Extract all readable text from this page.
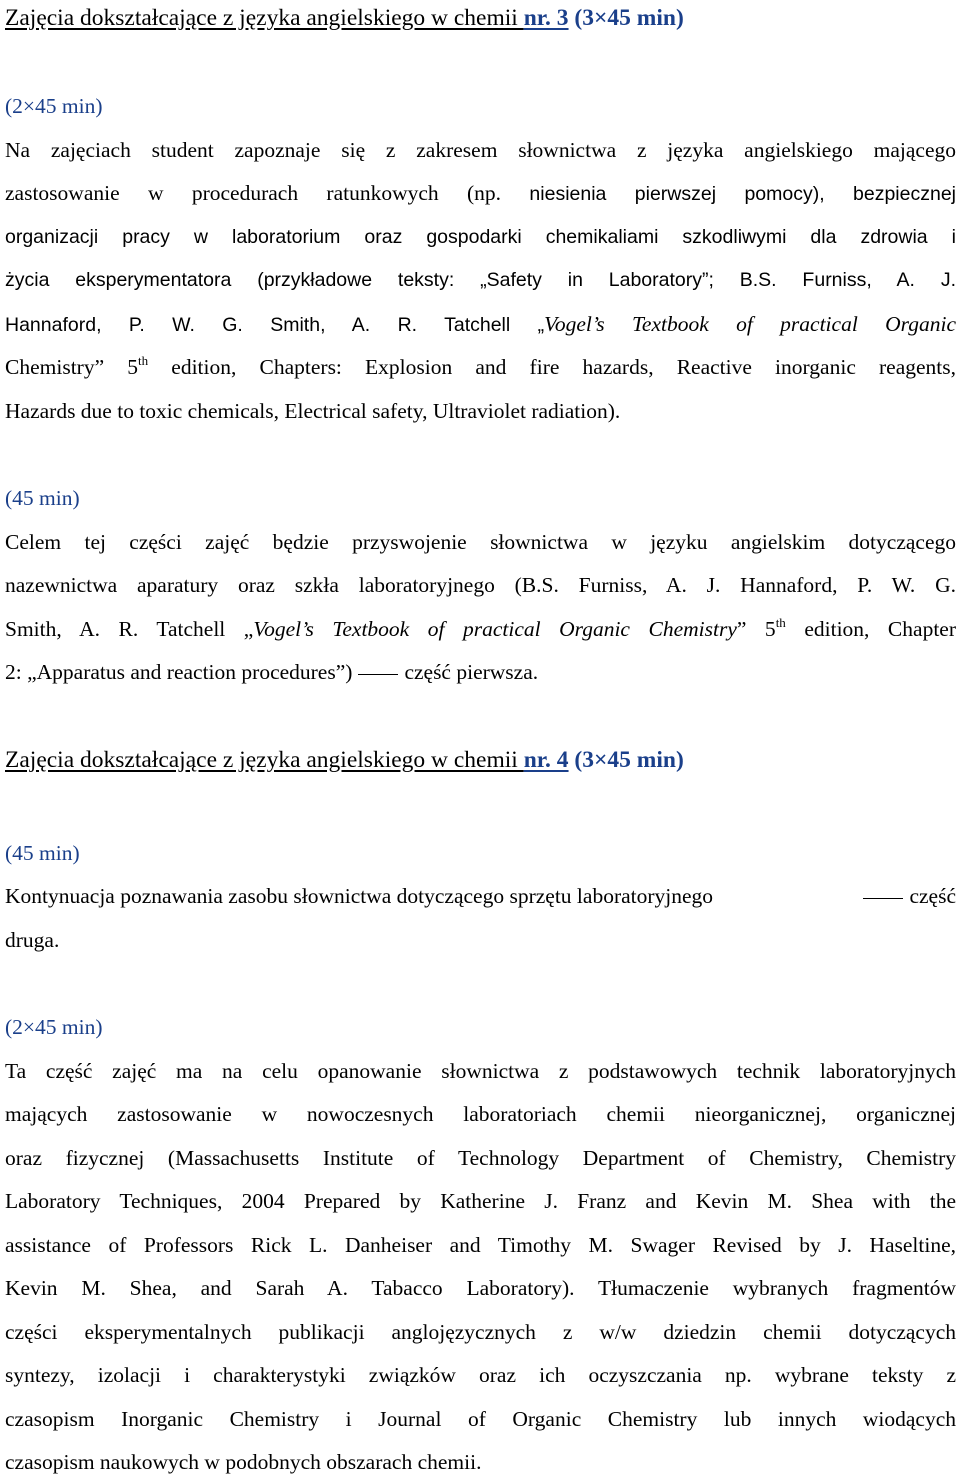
Zajęcia dokształcające z języka angielskiego w chemii nr. 3 (3×45 min)
(2×45 min)
Na zajęciach student zapoznaje się z zakresem słownictwa z języka angielskiego mającego
zastosowanie w procedurach ratunkowych (np. niesienia pierwszej pomocy), bezpiecznej
organizacji pracy w laboratorium oraz gospodarki chemikaliami szkodliwymi dla zdrowia i
życia eksperymentatora (przykładowe teksty: „Safety in Laboratory”; B.S. Furniss, A. J.
Hannaford, P. W. G. Smith, A. R. Tatchell „Vogel’s Textbook of practical Organic
Chemistry” 5th edition, Chapters: Explosion and fire hazards, Reactive inorganic reagents,
Hazards due to toxic chemicals, Electrical safety, Ultraviolet radiation).
(45 min)
Celem tej części zajęć będzie przyswojenie słownictwa w języku angielskim dotyczącego
nazewnictwa aparatury oraz szkła laboratoryjnego (B.S. Furniss, A. J. Hannaford, P. W. G.
Smith, A. R. Tatchell „Vogel’s Textbook of practical Organic Chemistry” 5th edition, Chapter
2: „Apparatus and reaction procedures”) część pierwsza.
Zajęcia dokształcające z języka angielskiego w chemii nr. 4 (3×45 min)
(45 min)
Kontynuacja poznawania zasobu słownictwa dotyczącego sprzętu laboratoryjnego	część
druga.
(2×45 min)
Ta część zajęć ma na celu opanowanie słownictwa z podstawowych technik laboratoryjnych
mających zastosowanie w nowoczesnych laboratoriach chemii nieorganicznej, organicznej
oraz fizycznej (Massachusetts Institute of Technology Department of Chemistry, Chemistry
Laboratory Techniques, 2004 Prepared by Katherine J. Franz and Kevin M. Shea with the
assistance of Professors Rick L. Danheiser and Timothy M. Swager Revised by J. Haseltine,
Kevin M. Shea, and Sarah A. Tabacco Laboratory). Tłumaczenie wybranych fragmentów
części eksperymentalnych publikacji anglojęzycznych z w/w dziedzin chemii dotyczących
syntezy, izolacji i charakterystyki związków oraz ich oczyszczania np. wybrane teksty z
czasopism Inorganic Chemistry i Journal of Organic Chemistry lub innych wiodących
czasopism naukowych w podobnych obszarach chemii.
